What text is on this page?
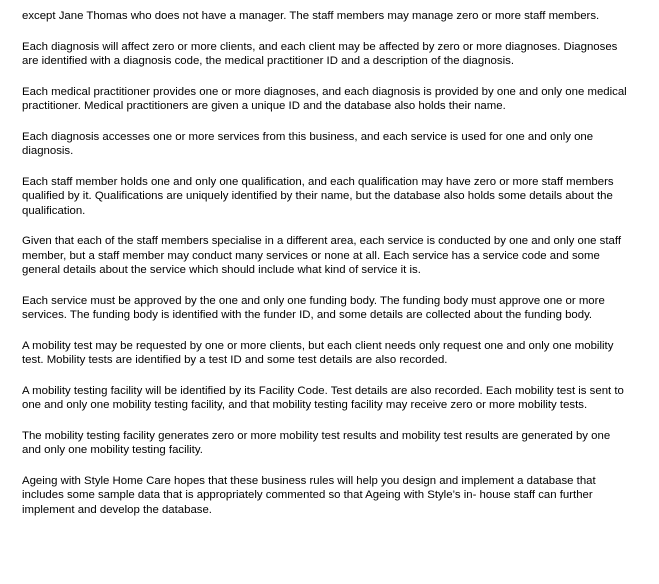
except Jane Thomas who does not have a manager. The staff members may manage zero or more staff members.

Each diagnosis will affect zero or more clients, and each client may be affected by zero or more diagnoses. Diagnoses are identified with a diagnosis code, the medical practitioner ID and a description of the diagnosis.

Each medical practitioner provides one or more diagnoses, and each diagnosis is provided by one and only one medical practitioner. Medical practitioners are given a unique ID and the database also holds their name.

Each diagnosis accesses one or more services from this business, and each service is used for one and only one diagnosis.

Each staff member holds one and only one qualification, and each qualification may have zero or more staff members qualified by it. Qualifications are uniquely identified by their name, but the database also holds some details about the qualification.

Given that each of the staff members specialise in a different area, each service is conducted by one and only one staff member, but a staff member may conduct many services or none at all. Each service has a service code and some general details about the service which should include what kind of service it is.

Each service must be approved by the one and only one funding body. The funding body must approve one or more services. The funding body is identified with the funder ID, and some details are collected about the funding body.

A mobility test may be requested by one or more clients, but each client needs only request one and only one mobility test. Mobility tests are identified by a test ID and some test details are also recorded.

A mobility testing facility will be identified by its Facility Code. Test details are also recorded. Each mobility test is sent to one and only one mobility testing facility, and that mobility testing facility may receive zero or more mobility tests.

The mobility testing facility generates zero or more mobility test results and mobility test results are generated by one and only one mobility testing facility.

Ageing with Style Home Care hopes that these business rules will help you design and implement a database that includes some sample data that is appropriately commented so that Ageing with Style’s in- house staff can further implement and develop the database.
